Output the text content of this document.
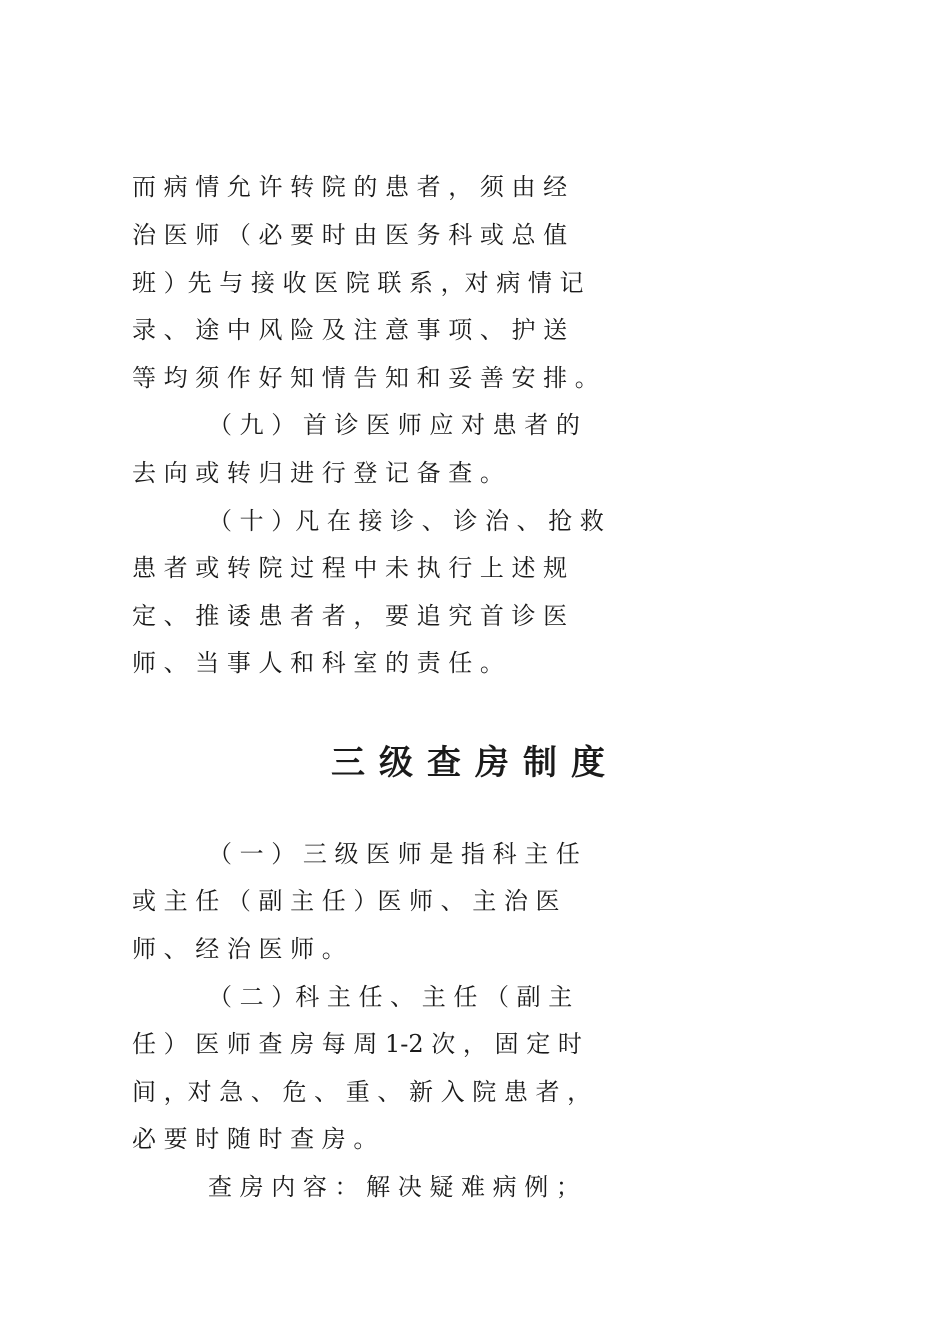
而 病 情 允 许 转 院 的 患 者 ， 须 由 经
治 医 师 （ 必 要 时 由 医 务 科 或 总 值
班 ）先 与 接 收 医 院 联 系 ，对 病 情 记
录 、 途 中 风 险 及 注 意 事 项 、 护 送
等 均 须 作 好 知 情 告 知 和 妥 善 安 排 。
（ 九 ） 首 诊 医 师 应 对 患 者 的
去 向 或 转 归 进 行 登 记 备 查 。
（ 十 ）凡 在 接 诊 、 诊 治 、 抢 救
患 者 或 转 院 过 程 中 未 执 行 上 述 规
定 、 推 诿 患 者 者 ， 要 追 究 首 诊 医
师 、 当 事 人 和 科 室 的 责 任 。
三级查房制度
（ 一 ） 三 级 医 师 是 指 科 主 任
或 主 任 （ 副 主 任 ）医 师 、 主 治 医
师 、 经 治 医 师 。
（ 二 ）科 主 任 、 主 任 （ 副 主
任 ） 医 师 查 房 每 周 1-2 次 ， 固 定 时
间 ，对 急 、 危 、 重 、 新 入 院 患 者 ，
必 要 时 随 时 查 房 。
查 房 内 容 ： 解 决 疑 难 病 例 ；
